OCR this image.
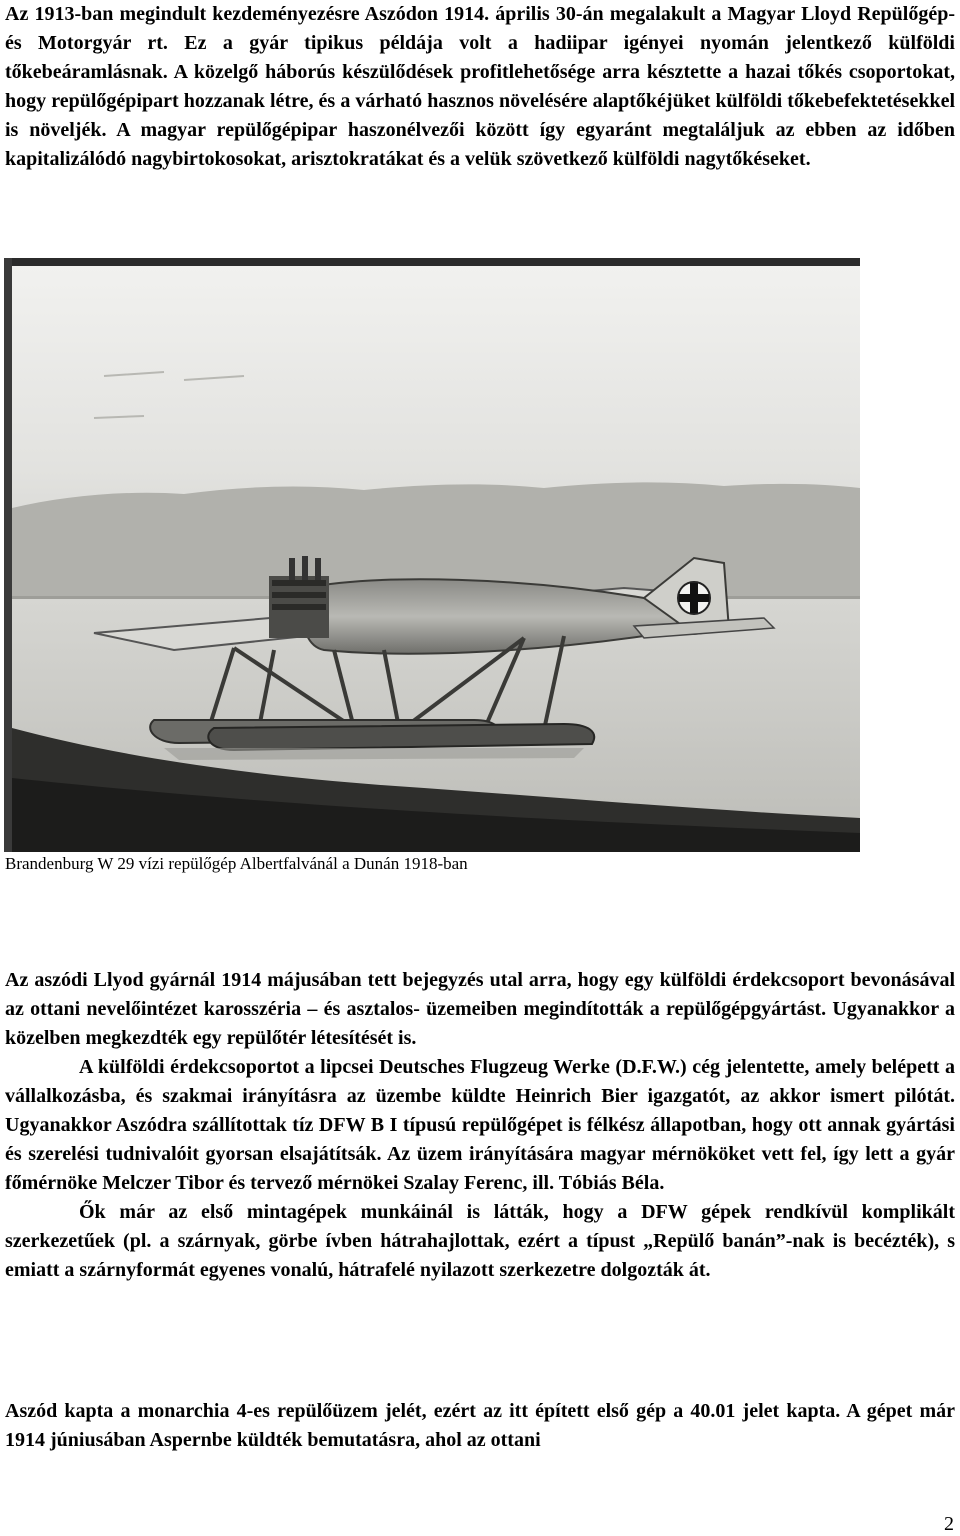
Az 1913-ban megindult kezdeményezésre Aszódon 1914. április 30-án megalakult a Magyar Lloyd Repülőgép- és Motorgyár rt. Ez a gyár tipikus példája volt a hadiipar igényei nyomán jelentkező külföldi tőkebeáramlásnak. A közelgő háborús készülődések profitlehetősége arra késztette a hazai tőkés csoportokat, hogy repülőgépipart hozzanak létre, és a várható hasznos növelésére alaptőkéjüket külföldi tőkebefektetésekkel is növeljék. A magyar repülőgépipar haszonélvezői között így egyaránt megtaláljuk az ebben az időben kapitalizálódó nagybirtokosokat, arisztokratákat és a velük szövetkező külföldi nagytőkéseket.

Brandenburg W 29 vízi repülőgép Albertfalvánál a Dunán 1918-ban
Az aszódi Llyod gyárnál 1914 májusában tett bejegyzés utal arra, hogy egy külföldi érdekcsoport bevonásával az ottani nevelőintézet karosszéria – és asztalos- üzemeiben megindították a repülőgépgyártást. Ugyanakkor a közelben megkezdték egy repülőtér létesítését is.
A külföldi érdekcsoportot a lipcsei Deutsches Flugzeug Werke (D.F.W.) cég jelentette, amely belépett a vállalkozásba, és szakmai irányításra az üzembe küldte Heinrich Bier igazgatót, az akkor ismert pilótát. Ugyanakkor Aszódra szállítottak tíz DFW B I típusú repülőgépet is félkész állapotban, hogy ott annak gyártási és szerelési tudnivalóit gyorsan elsajátítsák. Az üzem irányítására magyar mérnököket vett fel, így lett a gyár főmérnöke Melczer Tibor és tervező mérnökei Szalay Ferenc, ill. Tóbiás Béla.
Ők már az első mintagépek munkáinál is látták, hogy a DFW gépek rendkívül komplikált szerkezetűek (pl. a szárnyak, görbe ívben hátrahajlottak, ezért a típust „Repülő banán”-nak is becézték), s emiatt a szárnyformát egyenes vonalú, hátrafelé nyilazott szerkezetre dolgozták át.

Aszód kapta a monarchia 4-es repülőüzem jelét, ezért az itt épített első gép a 40.01 jelet kapta. A gépet már 1914 júniusában Aspernbe küldték bemutatásra, ahol az ottani

2
